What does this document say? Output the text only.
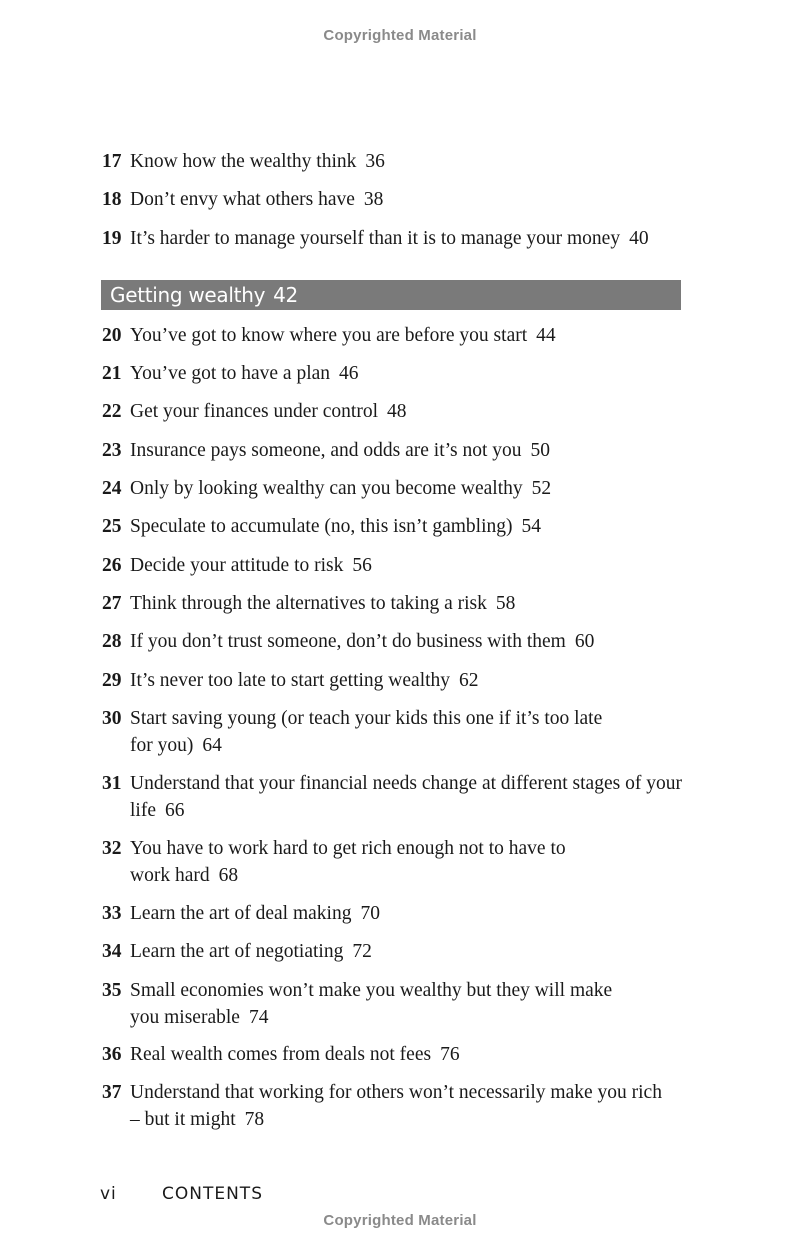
Copyrighted Material
17 Know how the wealthy think 36
18 Don’t envy what others have 38
19 It’s harder to manage yourself than it is to manage your money 40
Getting wealthy 42
20 You’ve got to know where you are before you start 44
21 You’ve got to have a plan 46
22 Get your finances under control 48
23 Insurance pays someone, and odds are it’s not you 50
24 Only by looking wealthy can you become wealthy 52
25 Speculate to accumulate (no, this isn’t gambling) 54
26 Decide your attitude to risk 56
27 Think through the alternatives to taking a risk 58
28 If you don’t trust someone, don’t do business with them 60
29 It’s never too late to start getting wealthy 62
30 Start saving young (or teach your kids this one if it’s too late for you) 64
31 Understand that your financial needs change at different stages of your life 66
32 You have to work hard to get rich enough not to have to work hard 68
33 Learn the art of deal making 70
34 Learn the art of negotiating 72
35 Small economies won’t make you wealthy but they will make you miserable 74
36 Real wealth comes from deals not fees 76
37 Understand that working for others won’t necessarily make you rich – but it might 78
vi	CONTENTS
Copyrighted Material
